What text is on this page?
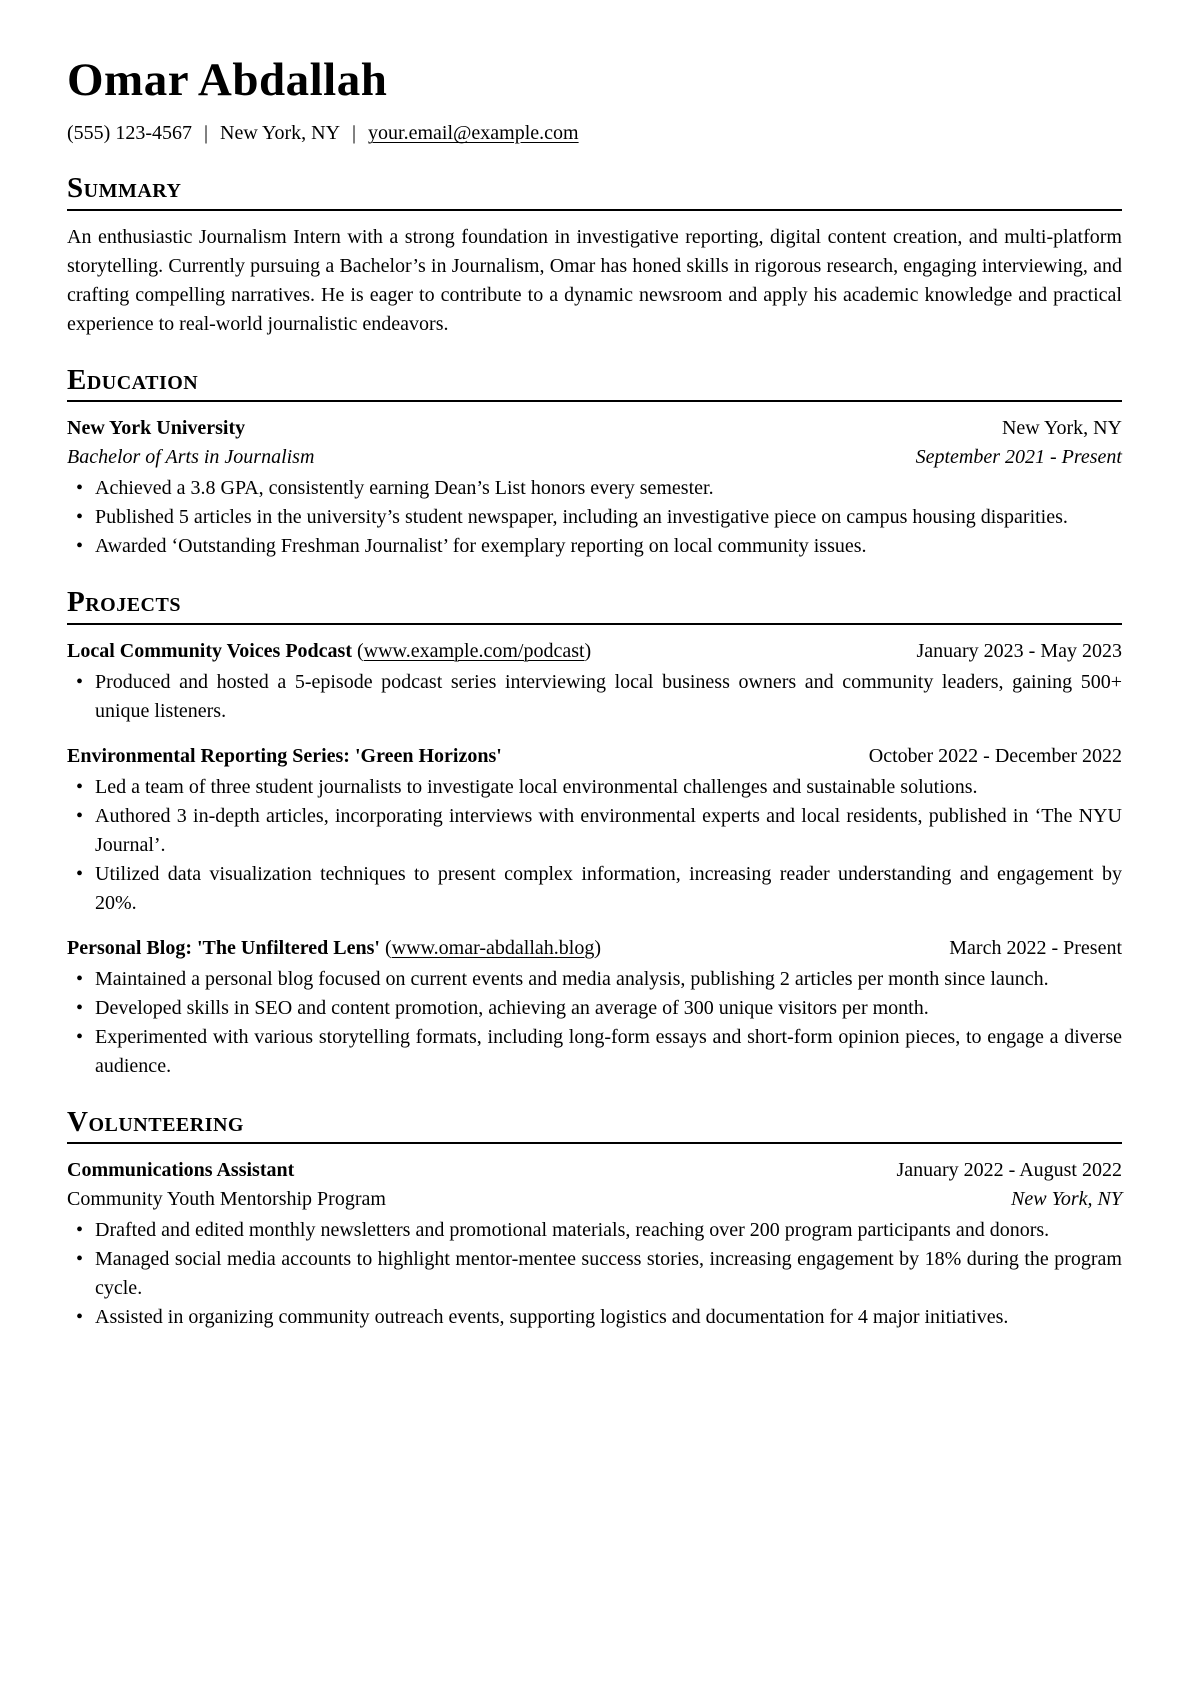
Omar Abdallah
(555) 123-4567 | New York, NY | your.email@example.com
Summary

An enthusiastic Journalism Intern with a strong foundation in investigative reporting, digital content creation, and multi-platform storytelling. Currently pursuing a Bachelor’s in Journalism, Omar has honed skills in rigorous research, engaging interviewing, and crafting compelling narratives. He is eager to contribute to a dynamic newsroom and apply his academic knowledge and practical experience to real-world journalistic endeavors.

Education
New York University	New York, NY
Bachelor of Arts in Journalism	September 2021 - Present
• Achieved a 3.8 GPA, consistently earning Dean’s List honors every semester.
• Published 5 articles in the university’s student newspaper, including an investigative piece on campus housing disparities.
• Awarded ‘Outstanding Freshman Journalist’ for exemplary reporting on local community issues.
Projects
Local Community Voices Podcast ( www.example.com/podcast )	January 2023 - May 2023
• Produced and hosted a 5-episode podcast series interviewing local business owners and community leaders, gaining 500+ unique listeners.
Environmental Reporting Series: 'Green Horizons'	October 2022 - December 2022
• Led a team of three student journalists to investigate local environmental challenges and sustainable solutions.
• Authored 3 in-depth articles, incorporating interviews with environmental experts and local residents, published in ‘The NYU Journal’.
• Utilized data visualization techniques to present complex information, increasing reader understanding and engagement by 20%.
Personal Blog: 'The Unfiltered Lens' ( www.omar-abdallah.blog )	March 2022 - Present
• Maintained a personal blog focused on current events and media analysis, publishing 2 articles per month since launch.
• Developed skills in SEO and content promotion, achieving an average of 300 unique visitors per month.
• Experimented with various storytelling formats, including long-form essays and short-form opinion pieces, to engage a diverse audience.
Volunteering
Communications Assistant	January 2022 - August 2022
Community Youth Mentorship Program	New York, NY
• Drafted and edited monthly newsletters and promotional materials, reaching over 200 program participants and donors.
• Managed social media accounts to highlight mentor-mentee success stories, increasing engagement by 18% during the program cycle.
• Assisted in organizing community outreach events, supporting logistics and documentation for 4 major initiatives.
